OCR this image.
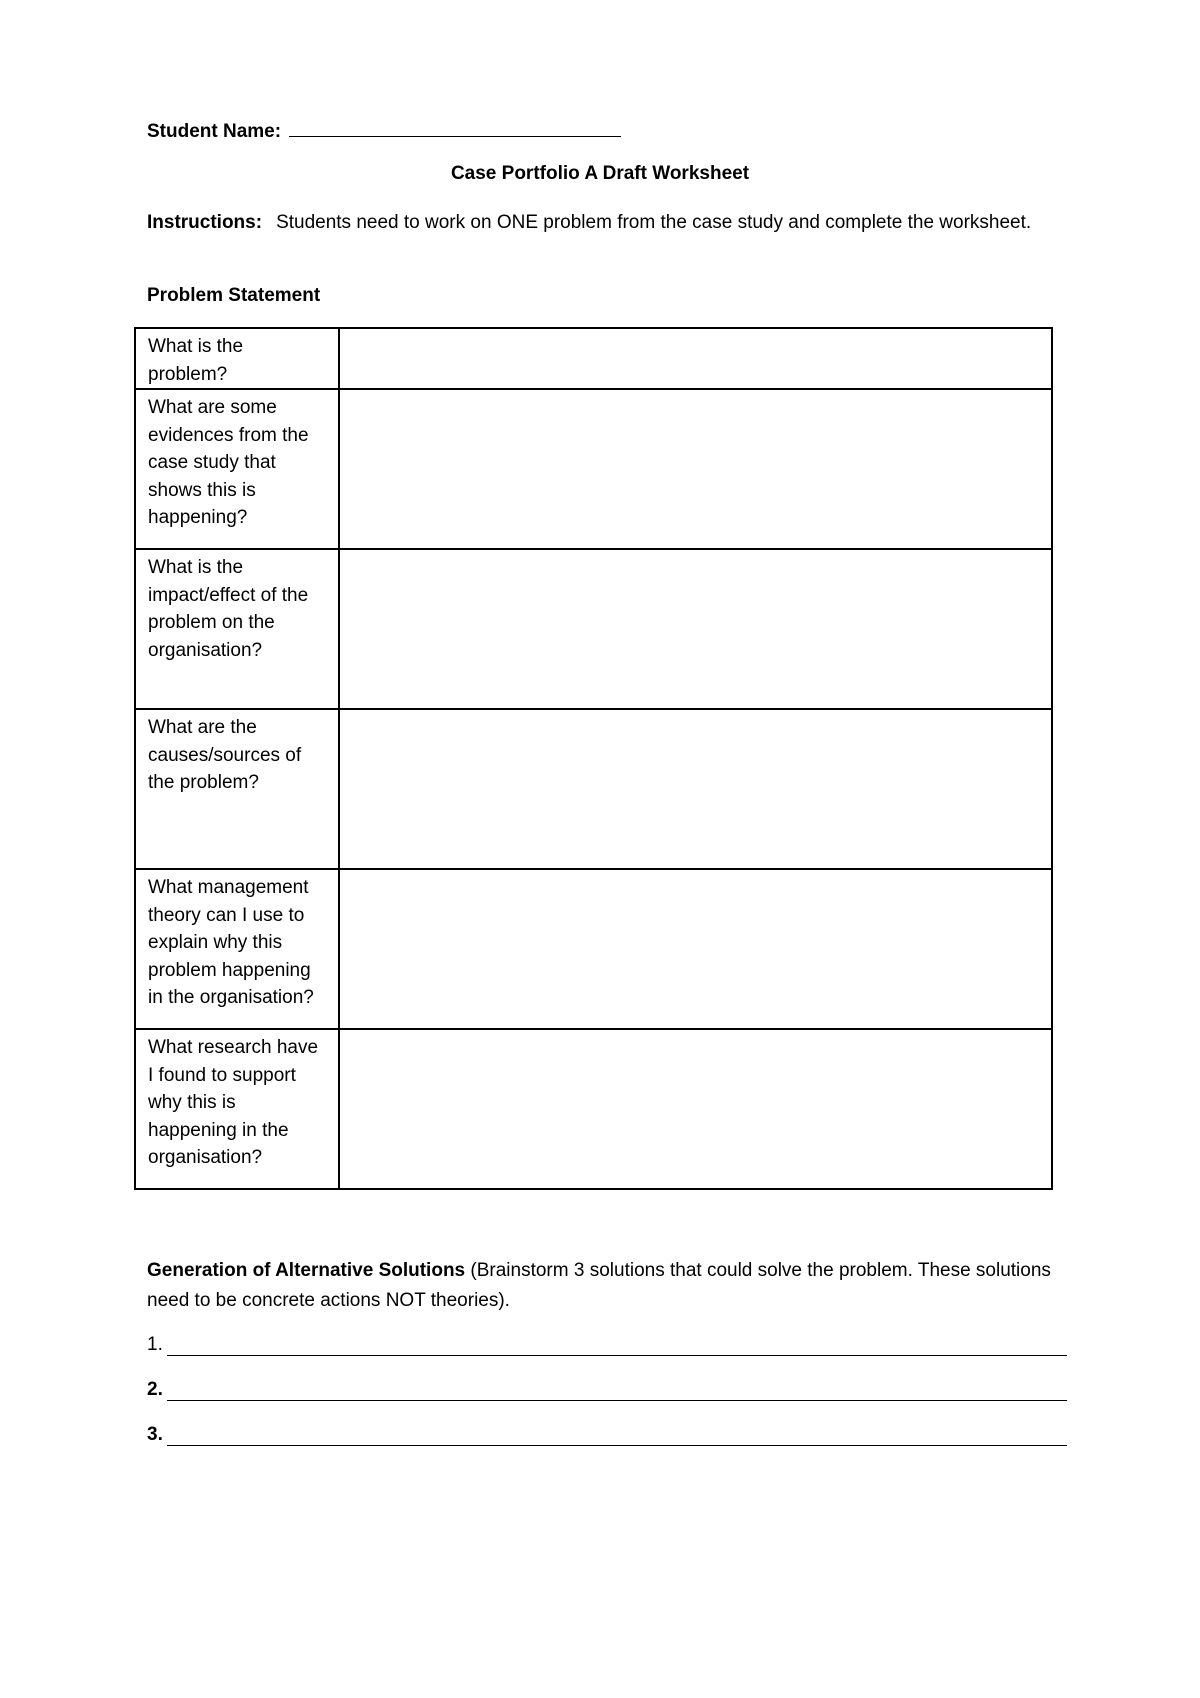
Student Name:
Case Portfolio A Draft Worksheet
Instructions: Students need to work on ONE problem from the case study and complete the worksheet.
Problem Statement
What is the problem?	
What are some evidences from the case study that shows this is happening?	
What is the impact/effect of the problem on the organisation?	
What are the causes/sources of the problem?	
What management theory can I use to explain why this problem happening in the organisation?	
What research have I found to support why this is happening in the organisation?	
Generation of Alternative Solutions (Brainstorm 3 solutions that could solve the problem. These solutions need to be concrete actions NOT theories).
1.
2.
3.
